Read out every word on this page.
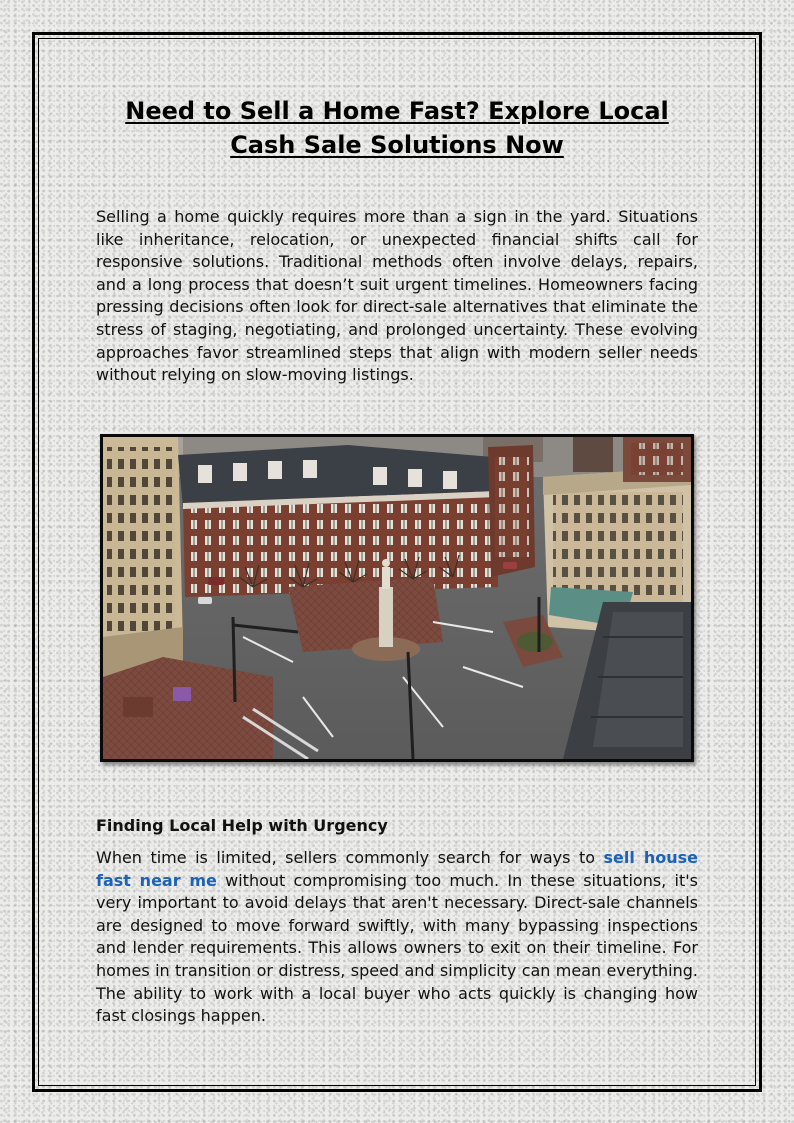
Need to Sell a Home Fast? Explore Local
Cash Sale Solutions Now

Selling a home quickly requires more than a sign in the yard. Situations like inheritance, relocation, or unexpected financial shifts call for responsive solutions. Traditional methods often involve delays, repairs, and a long process that doesn’t suit urgent timelines. Homeowners facing pressing decisions often look for direct-sale alternatives that eliminate the stress of staging, negotiating, and prolonged uncertainty. These evolving approaches favor streamlined steps that align with modern seller needs without relying on slow-moving listings.

Finding Local Help with Urgency

When time is limited, sellers commonly search for ways to sell house fast near me without compromising too much. In these situations, it's very important to avoid delays that aren't necessary. Direct-sale channels are designed to move forward swiftly, with many bypassing inspections and lender requirements. This allows owners to exit on their timeline. For homes in transition or distress, speed and simplicity can mean everything. The ability to work with a local buyer who acts quickly is changing how fast closings happen.
